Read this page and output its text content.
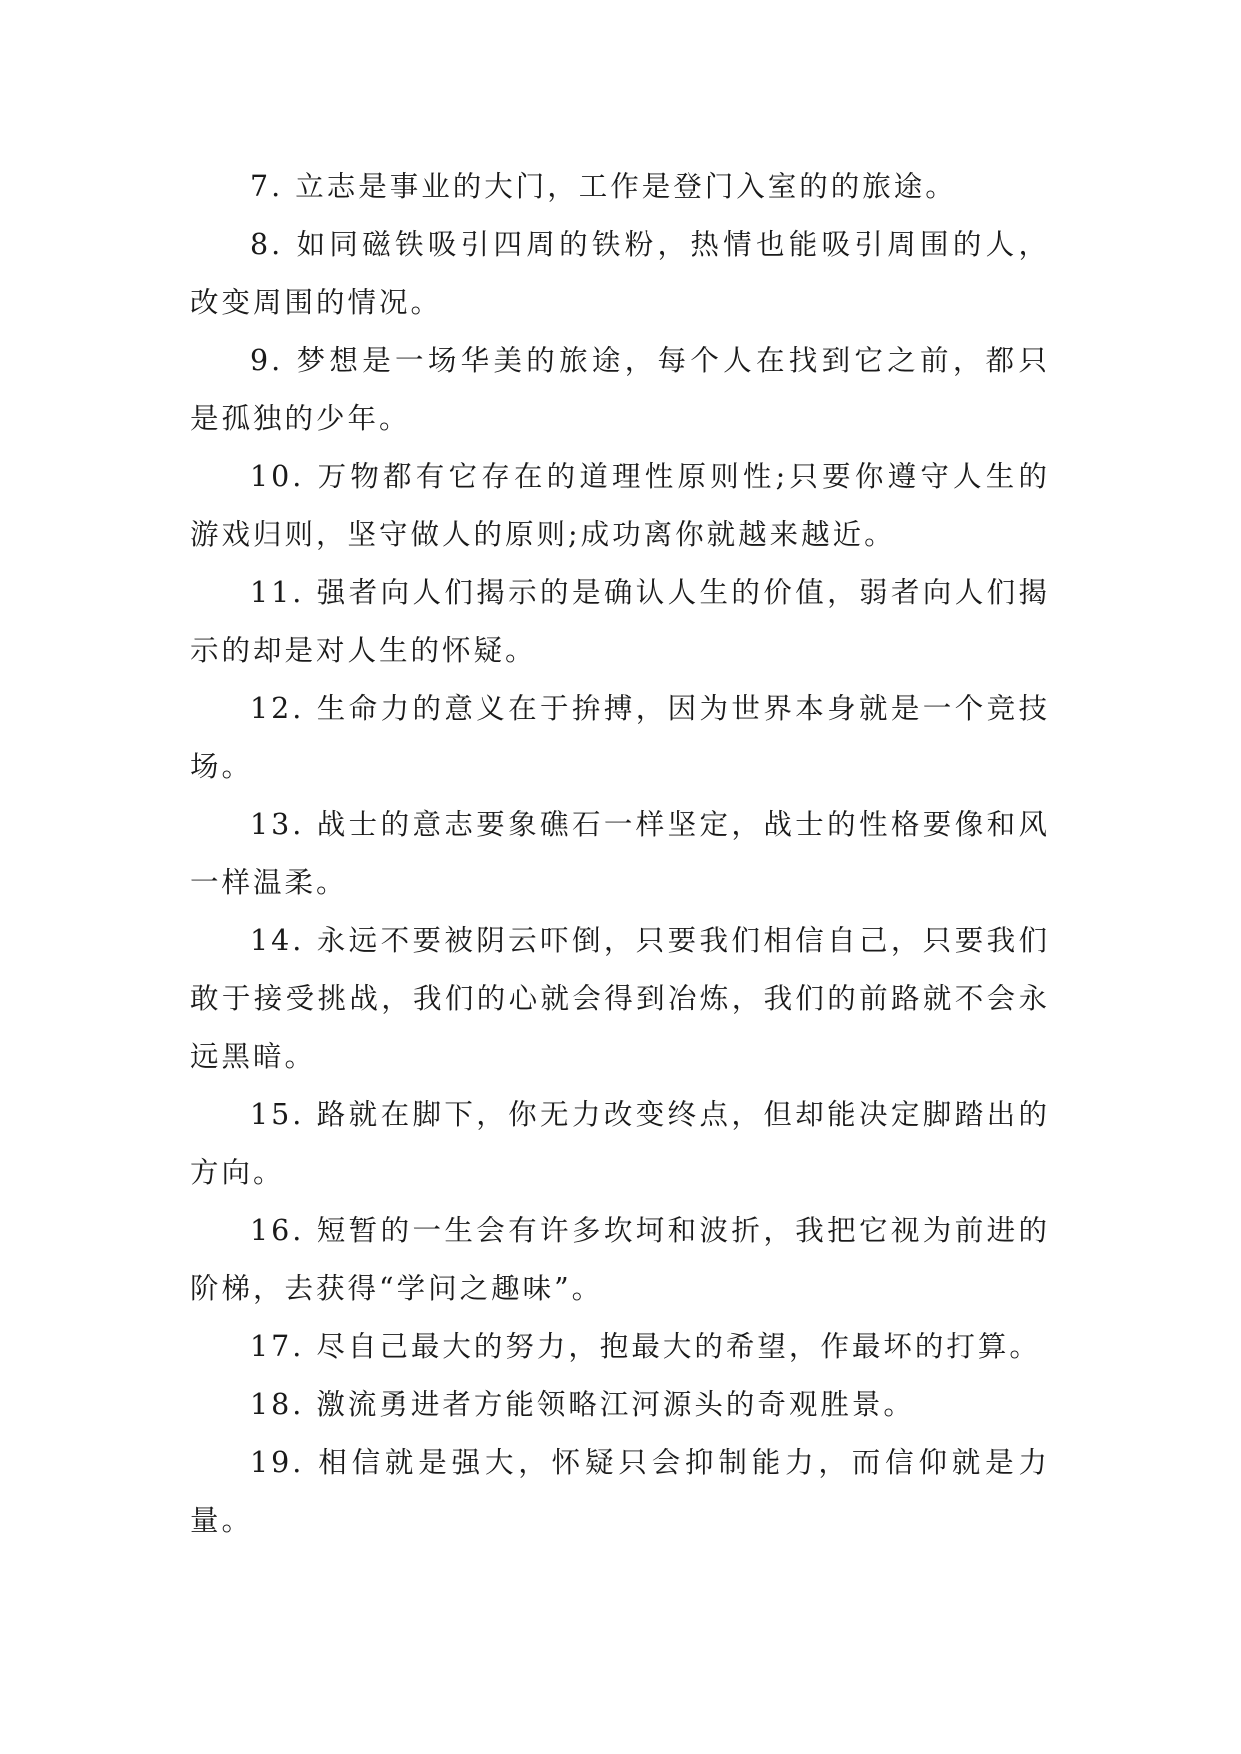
7. 立志是事业的大门，工作是登门入室的的旅途。

8. 如同磁铁吸引四周的铁粉，热情也能吸引周围的人，改变周围的情况。

9. 梦想是一场华美的旅途，每个人在找到它之前，都只是孤独的少年。

10. 万物都有它存在的道理性原则性;只要你遵守人生的游戏归则，坚守做人的原则;成功离你就越来越近。

11. 强者向人们揭示的是确认人生的价值，弱者向人们揭示的却是对人生的怀疑。

12. 生命力的意义在于拚搏，因为世界本身就是一个竞技场。

13. 战士的意志要象礁石一样坚定，战士的性格要像和风一样温柔。

14. 永远不要被阴云吓倒，只要我们相信自己，只要我们敢于接受挑战，我们的心就会得到冶炼，我们的前路就不会永远黑暗。

15. 路就在脚下，你无力改变终点，但却能决定脚踏出的方向。

16. 短暂的一生会有许多坎坷和波折，我把它视为前进的阶梯，去获得“学问之趣味”。

17. 尽自己最大的努力，抱最大的希望，作最坏的打算。

18. 激流勇进者方能领略江河源头的奇观胜景。

19. 相信就是强大，怀疑只会抑制能力，而信仰就是力量。
